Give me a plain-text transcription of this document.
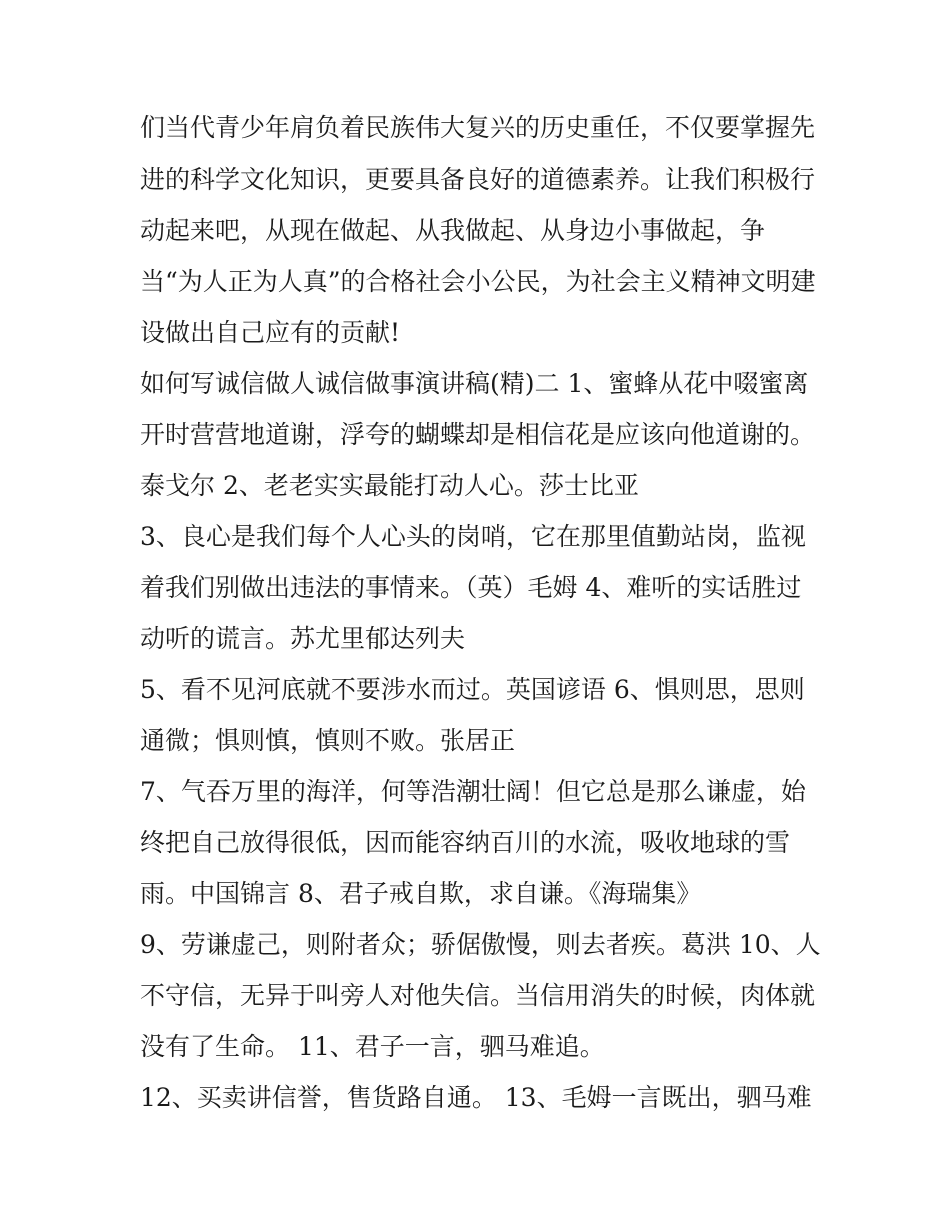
们当代青少年肩负着民族伟大复兴的历史重任，不仅要掌握先

进的科学文化知识，更要具备良好的道德素养。让我们积极行

动起来吧，从现在做起、从我做起、从身边小事做起，争

当“为人正为人真”的合格社会小公民，为社会主义精神文明建

设做出自己应有的贡献!

如何写诚信做人诚信做事演讲稿(精)二 1、蜜蜂从花中啜蜜离

开时营营地道谢，浮夸的蝴蝶却是相信花是应该向他道谢的。

泰戈尔 2、老老实实最能打动人心。莎士比亚

3、良心是我们每个人心头的岗哨，它在那里值勤站岗，监视

着我们别做出违法的事情来。（英）毛姆 4、难听的实话胜过

动听的谎言。苏尤里郁达列夫

5、看不见河底就不要涉水而过。英国谚语 6、惧则思，思则

通微；惧则慎，慎则不败。张居正

7、气吞万里的海洋，何等浩潮壮阔！但它总是那么谦虚，始

终把自己放得很低，因而能容纳百川的水流，吸收地球的雪

雨。中国锦言 8、君子戒自欺，求自谦。《海瑞集》

9、劳谦虚己，则附者众；骄倨傲慢，则去者疾。葛洪 10、人

不守信，无异于叫旁人对他失信。当信用消失的时候，肉体就

没有了生命。 11、君子一言，驷马难追。

12、买卖讲信誉，售货路自通。 13、毛姆一言既出，驷马难
